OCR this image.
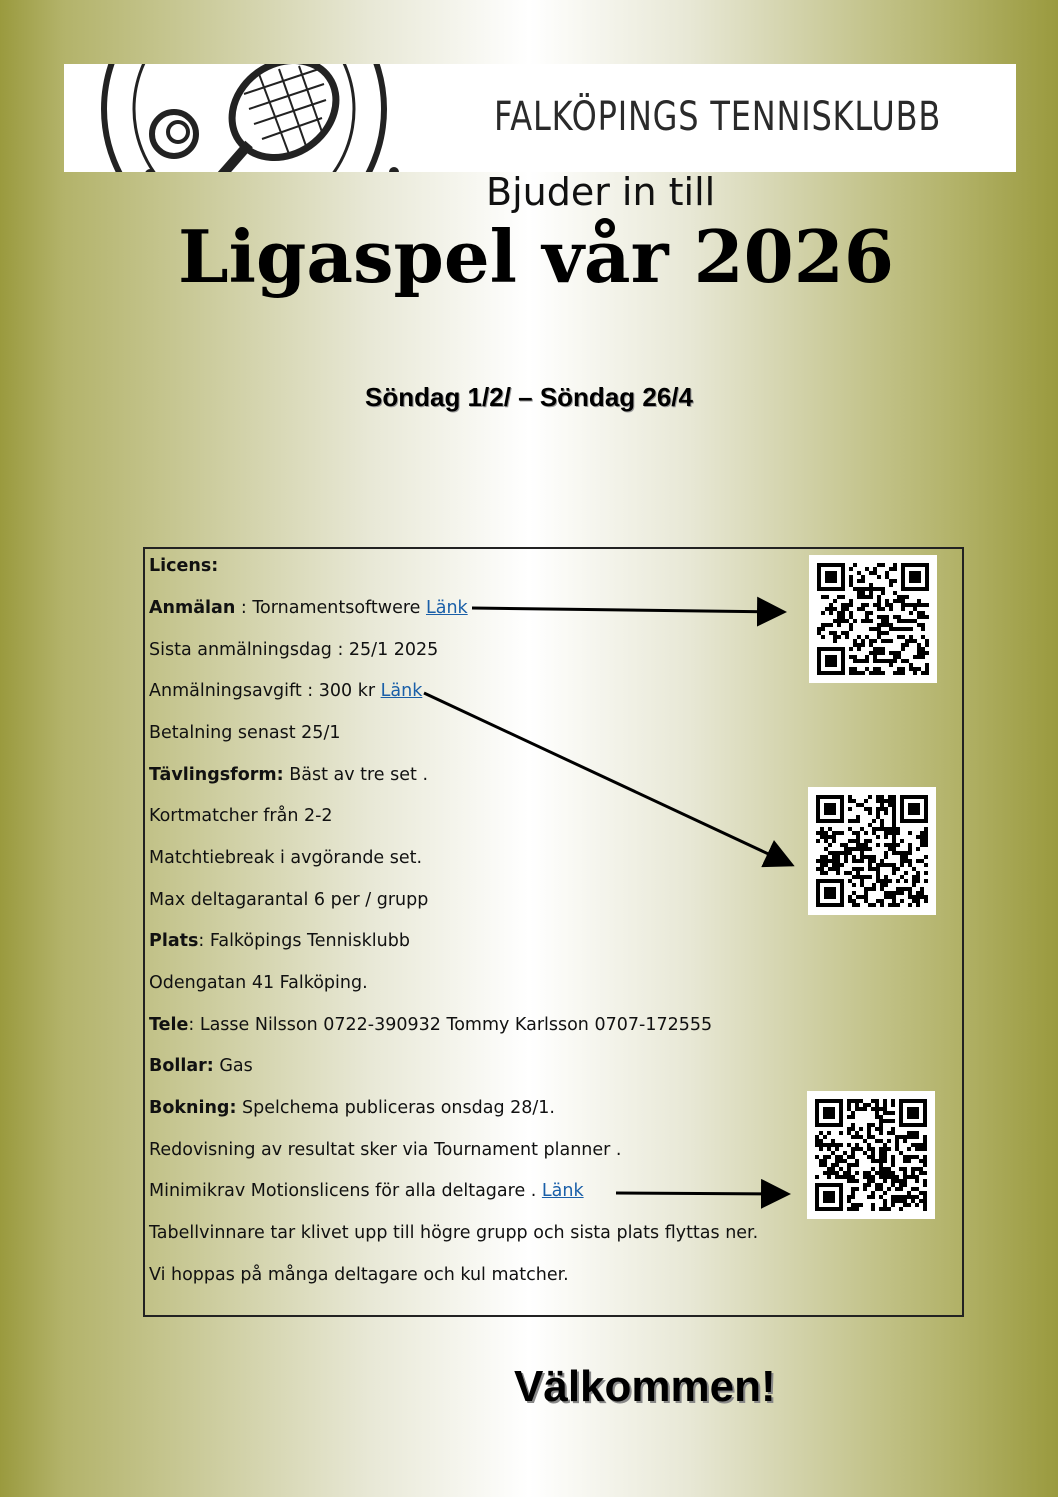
FALKÖPINGS TENNISKLUBB
Bjuder in till
Ligaspel vår 2026
Söndag 1/2/ – Söndag 26/4
Licens:
Anmälan : Tornamentsoftwere Länk
Sista anmälningsdag : 25/1 2025
Anmälningsavgift : 300 kr Länk
Betalning senast 25/1
Tävlingsform: Bäst av tre set .
Kortmatcher från 2-2
Matchtiebreak i avgörande set.
Max deltagarantal 6 per / grupp
Plats: Falköpings Tennisklubb
Odengatan 41 Falköping.
Tele: Lasse Nilsson 0722-390932 Tommy Karlsson 0707-172555
Bollar: Gas
Bokning: Spelchema publiceras onsdag 28/1.
Redovisning av resultat sker via Tournament planner .
Minimikrav Motionslicens för alla deltagare . Länk
Tabellvinnare tar klivet upp till högre grupp och sista plats flyttas ner.
Vi hoppas på många deltagare och kul matcher.
Välkommen!
